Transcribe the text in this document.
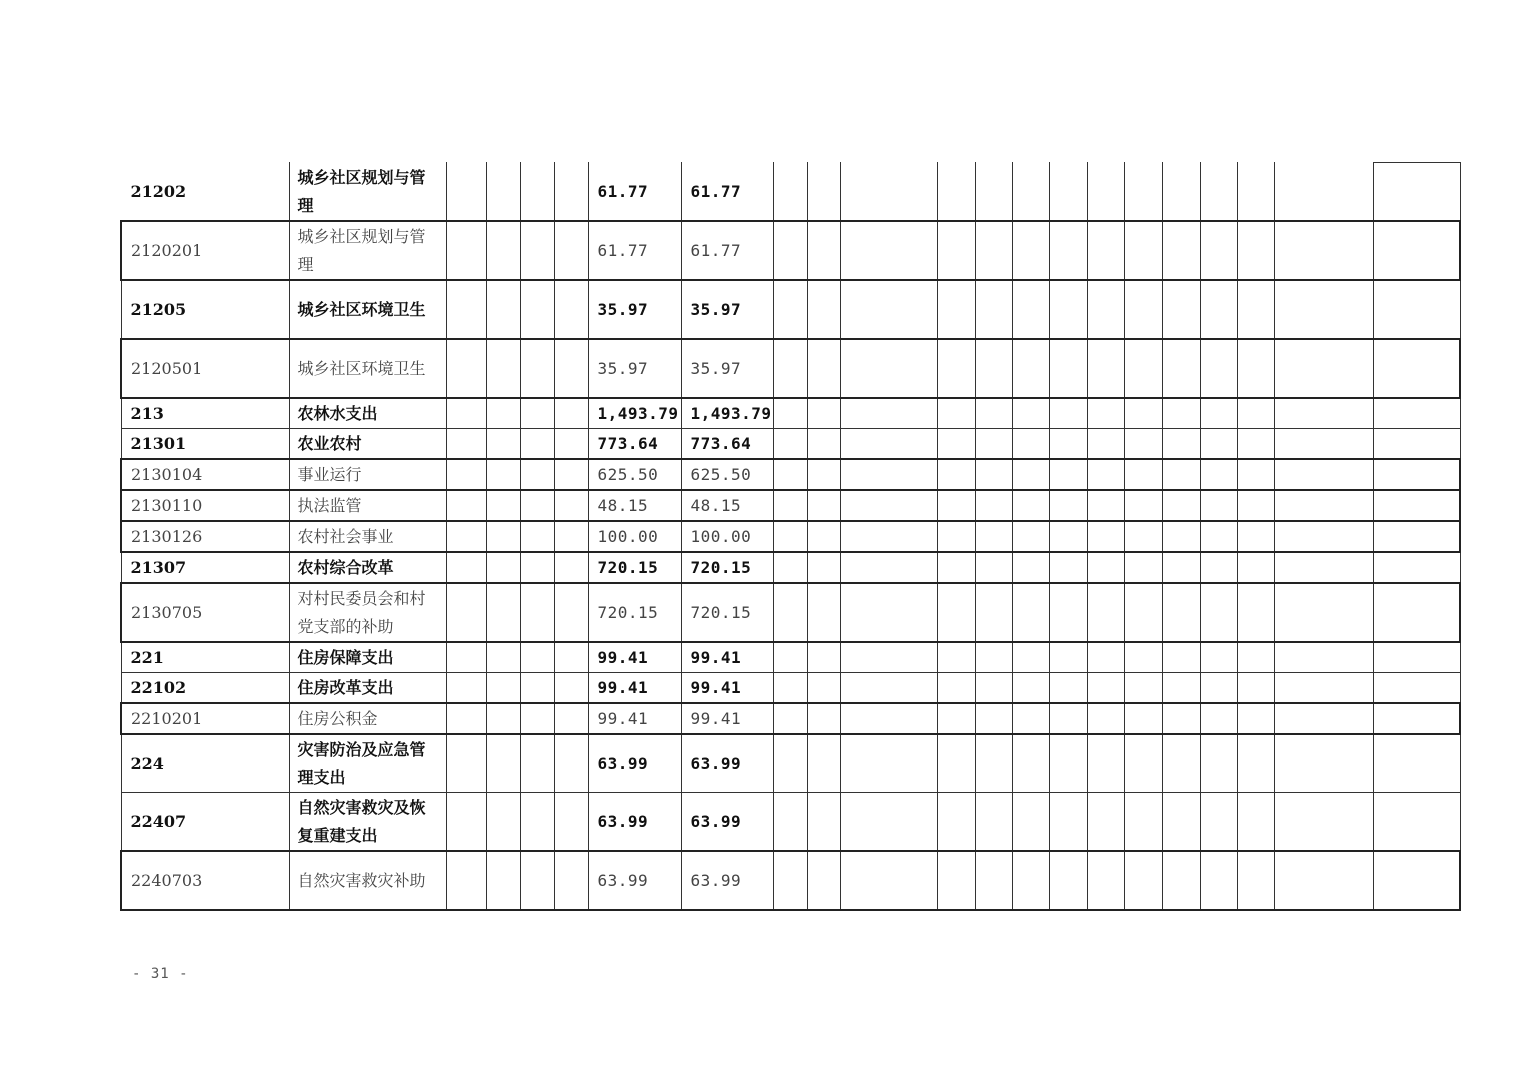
21202	城乡社区规划与管理					61.77	61.77														
2120201	城乡社区规划与管理					61.77	61.77														
21205	城乡社区环境卫生					35.97	35.97														
2120501	城乡社区环境卫生					35.97	35.97														
213	农林水支出					1,493.79	1,493.79														
21301	农业农村					773.64	773.64														
2130104	事业运行					625.50	625.50														
2130110	执法监管					48.15	48.15														
2130126	农村社会事业					100.00	100.00														
21307	农村综合改革					720.15	720.15														
2130705	对村民委员会和村党支部的补助					720.15	720.15														
221	住房保障支出					99.41	99.41														
22102	住房改革支出					99.41	99.41														
2210201	住房公积金					99.41	99.41														
224	灾害防治及应急管理支出					63.99	63.99														
22407	自然灾害救灾及恢复重建支出					63.99	63.99														
2240703	自然灾害救灾补助					63.99	63.99														
- 31 -
